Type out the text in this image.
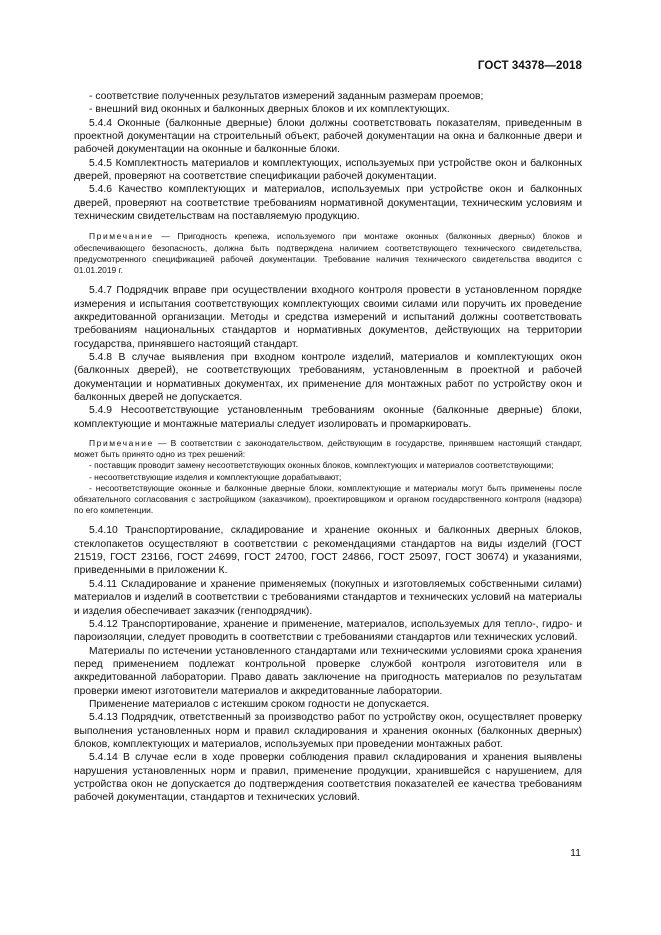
ГОСТ 34378—2018

- соответствие полученных результатов измерений заданным размерам проемов;

- внешний вид оконных и балконных дверных блоков и их комплектующих.

5.4.4 Оконные (балконные дверные) блоки должны соответствовать показателям, приведенным в проектной документации на строительный объект, рабочей документации на окна и балконные двери и рабочей документации на оконные и балконные блоки.

5.4.5 Комплектность материалов и комплектующих, используемых при устройстве окон и балконных дверей, проверяют на соответствие спецификации рабочей документации.

5.4.6 Качество комплектующих и материалов, используемых при устройстве окон и балконных дверей, проверяют на соответствие требованиям нормативной документации, техническим условиям и техническим свидетельствам на поставляемую продукцию.

Примечание — Пригодность крепежа, используемого при монтаже оконных (балконных дверных) блоков и обеспечивающего безопасность, должна быть подтверждена наличием соответствующего технического свидетельства, предусмотренного спецификацией рабочей документации. Требование наличия технического свидетельства вводится с 01.01.2019 г.

5.4.7 Подрядчик вправе при осуществлении входного контроля провести в установленном порядке измерения и испытания соответствующих комплектующих своими силами или поручить их проведение аккредитованной организации. Методы и средства измерений и испытаний должны соответствовать требованиям национальных стандартов и нормативных документов, действующих на территории государства, принявшего настоящий стандарт.

5.4.8 В случае выявления при входном контроле изделий, материалов и комплектующих окон (балконных дверей), не соответствующих требованиям, установленным в проектной и рабочей документации и нормативных документах, их применение для монтажных работ по устройству окон и балконных дверей не допускается.

5.4.9 Несоответствующие установленным требованиям оконные (балконные дверные) блоки, комплектующие и монтажные материалы следует изолировать и промаркировать.

Примечание — В соответствии с законодательством, действующим в государстве, принявшем настоящий стандарт, может быть принято одно из трех решений:

- поставщик проводит замену несоответствующих оконных блоков, комплектующих и материалов соответствующими;

- несоответствующие изделия и комплектующие дорабатывают;

- несоответствующие оконные и балконные дверные блоки, комплектующие и материалы могут быть применены после обязательного согласования с застройщиком (заказчиком), проектировщиком и органом государственного контроля (надзора) по его компетенции.

5.4.10 Транспортирование, складирование и хранение оконных и балконных дверных блоков, стеклопакетов осуществляют в соответствии с рекомендациями стандартов на виды изделий (ГОСТ 21519, ГОСТ 23166, ГОСТ 24699, ГОСТ 24700, ГОСТ 24866, ГОСТ 25097, ГОСТ 30674) и указаниями, приведенными в приложении К.

5.4.11 Складирование и хранение применяемых (покупных и изготовляемых собственными силами) материалов и изделий в соответствии с требованиями стандартов и технических условий на материалы и изделия обеспечивает заказчик (генподрядчик).

5.4.12 Транспортирование, хранение и применение, материалов, используемых для тепло-, гидро- и пароизоляции, следует проводить в соответствии с требованиями стандартов или технических условий.

Материалы по истечении установленного стандартами или техническими условиями срока хранения перед применением подлежат контрольной проверке службой контроля изготовителя или в аккредитованной лаборатории. Право давать заключение на пригодность материалов по результатам проверки имеют изготовители материалов и аккредитованные лаборатории.

Применение материалов с истекшим сроком годности не допускается.

5.4.13 Подрядчик, ответственный за производство работ по устройству окон, осуществляет проверку выполнения установленных норм и правил складирования и хранения оконных (балконных дверных) блоков, комплектующих и материалов, используемых при проведении монтажных работ.

5.4.14 В случае если в ходе проверки соблюдения правил складирования и хранения выявлены нарушения установленных норм и правил, применение продукции, хранившейся с нарушением, для устройства окон не допускается до подтверждения соответствия показателей ее качества требованиям рабочей документации, стандартов и технических условий.

11
